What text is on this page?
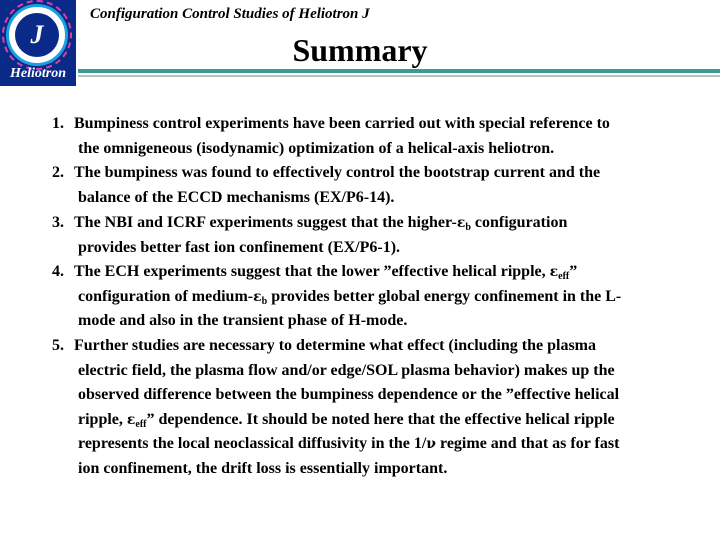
J
Heliotron
Configuration Control Studies of Heliotron J
Summary
1. Bumpiness control experiments have been carried out with special reference to
the omnigeneous (isodynamic) optimization of a helical-axis heliotron.
2. The bumpiness was found to effectively control the bootstrap current and the
balance of the ECCD mechanisms (EX/P6-14).
3. The NBI and ICRF experiments suggest that the higher-$\varepsilon_b$ configuration
provides better fast ion confinement (EX/P6-1).
4. The ECH experiments suggest that the lower ”effective helical ripple, $\varepsilon_{eff}$”
configuration of medium-$\varepsilon_b$ provides better global energy confinement in the L-
mode and also in the transient phase of H-mode.
5. Further studies are necessary to determine what effect (including the plasma
electric field, the plasma flow and/or edge/SOL plasma behavior) makes up the
observed difference between the bumpiness dependence or the ”effective helical
ripple, $\varepsilon_{eff}$” dependence. It should be noted here that the effective helical ripple
represents the local neoclassical diffusivity in the 1/ν regime and that as for fast
ion confinement, the drift loss is essentially important.
